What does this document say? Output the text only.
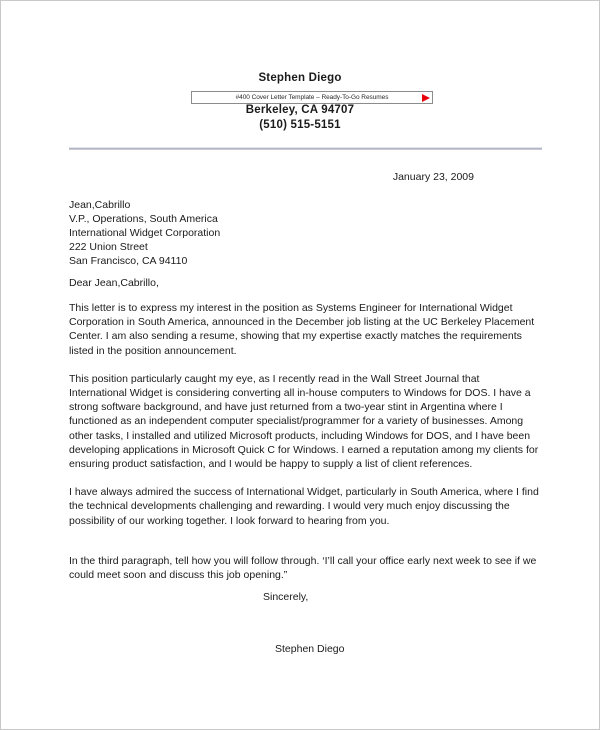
Stephen Diego
Berkeley, CA 94707
(510) 515-5151
#400 Cover Letter Template – Ready-To-Go Resumes
January 23, 2009
Jean,Cabrillo
V.P., Operations, South America
International Widget Corporation
222 Union Street
San Francisco, CA 94110
Dear Jean,Cabrillo,

This letter is to express my interest in the position as Systems Engineer for International Widget Corporation in South America, announced in the December job listing at the UC Berkeley Placement Center. I am also sending a resume, showing that my expertise exactly matches the requirements listed in the position announcement.

This position particularly caught my eye, as I recently read in the Wall Street Journal that International Widget is considering converting all in-house computers to Windows for DOS. I have a strong software background, and have just returned from a two-year stint in Argentina where I functioned as an independent computer specialist/programmer for a variety of businesses. Among other tasks, I installed and utilized Microsoft products, including Windows for DOS, and I have been developing applications in Microsoft Quick C for Windows. I earned a reputation among my clients for ensuring product satisfaction, and I would be happy to supply a list of client references.

I have always admired the success of International Widget, particularly in South America, where I find the technical developments challenging and rewarding. I would very much enjoy discussing the possibility of our working together. I look forward to hearing from you.

In the third paragraph, tell how you will follow through. ‘I’ll call your office early next week to see if we could meet soon and discuss this job opening.”

Sincerely,
Stephen Diego
